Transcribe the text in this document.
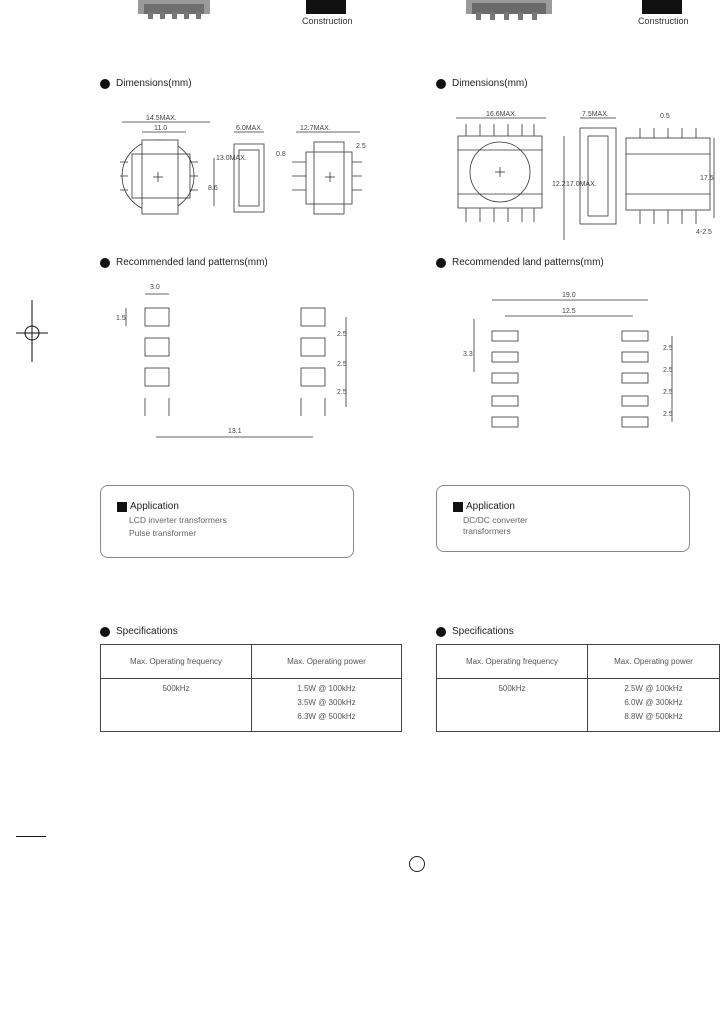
Construction	Construction
Dimensions(mm)
14.5MAX.
11.0
8.6
13.0MAX.
6.0MAX.	12.7MAX.
2.5
0.8
Dimensions(mm)
16.6MAX.
12.2 17.0MAX.
7.5MAX.	0.5
17.5
4-2.5
Recommended land patterns(mm)
3.0
1.5
2.5
2.5
2.5
13.1
Recommended land patterns(mm)
19.0
12.5
3.3
2.5
2.5
2.5
2.5
Application
LCD inverter transformers
Pulse transformer
Application
DC/DC converter
transformers
Specifications
Max. Operating frequency	Max. Operating power
500kHz	1.5W @ 100kHz
3.5W @ 300kHz
6.3W @ 500kHz
Specifications
Max. Operating frequency	Max. Operating power
500kHz	2.5W @ 100kHz
6.0W @ 300kHz
8.8W @ 500kHz
